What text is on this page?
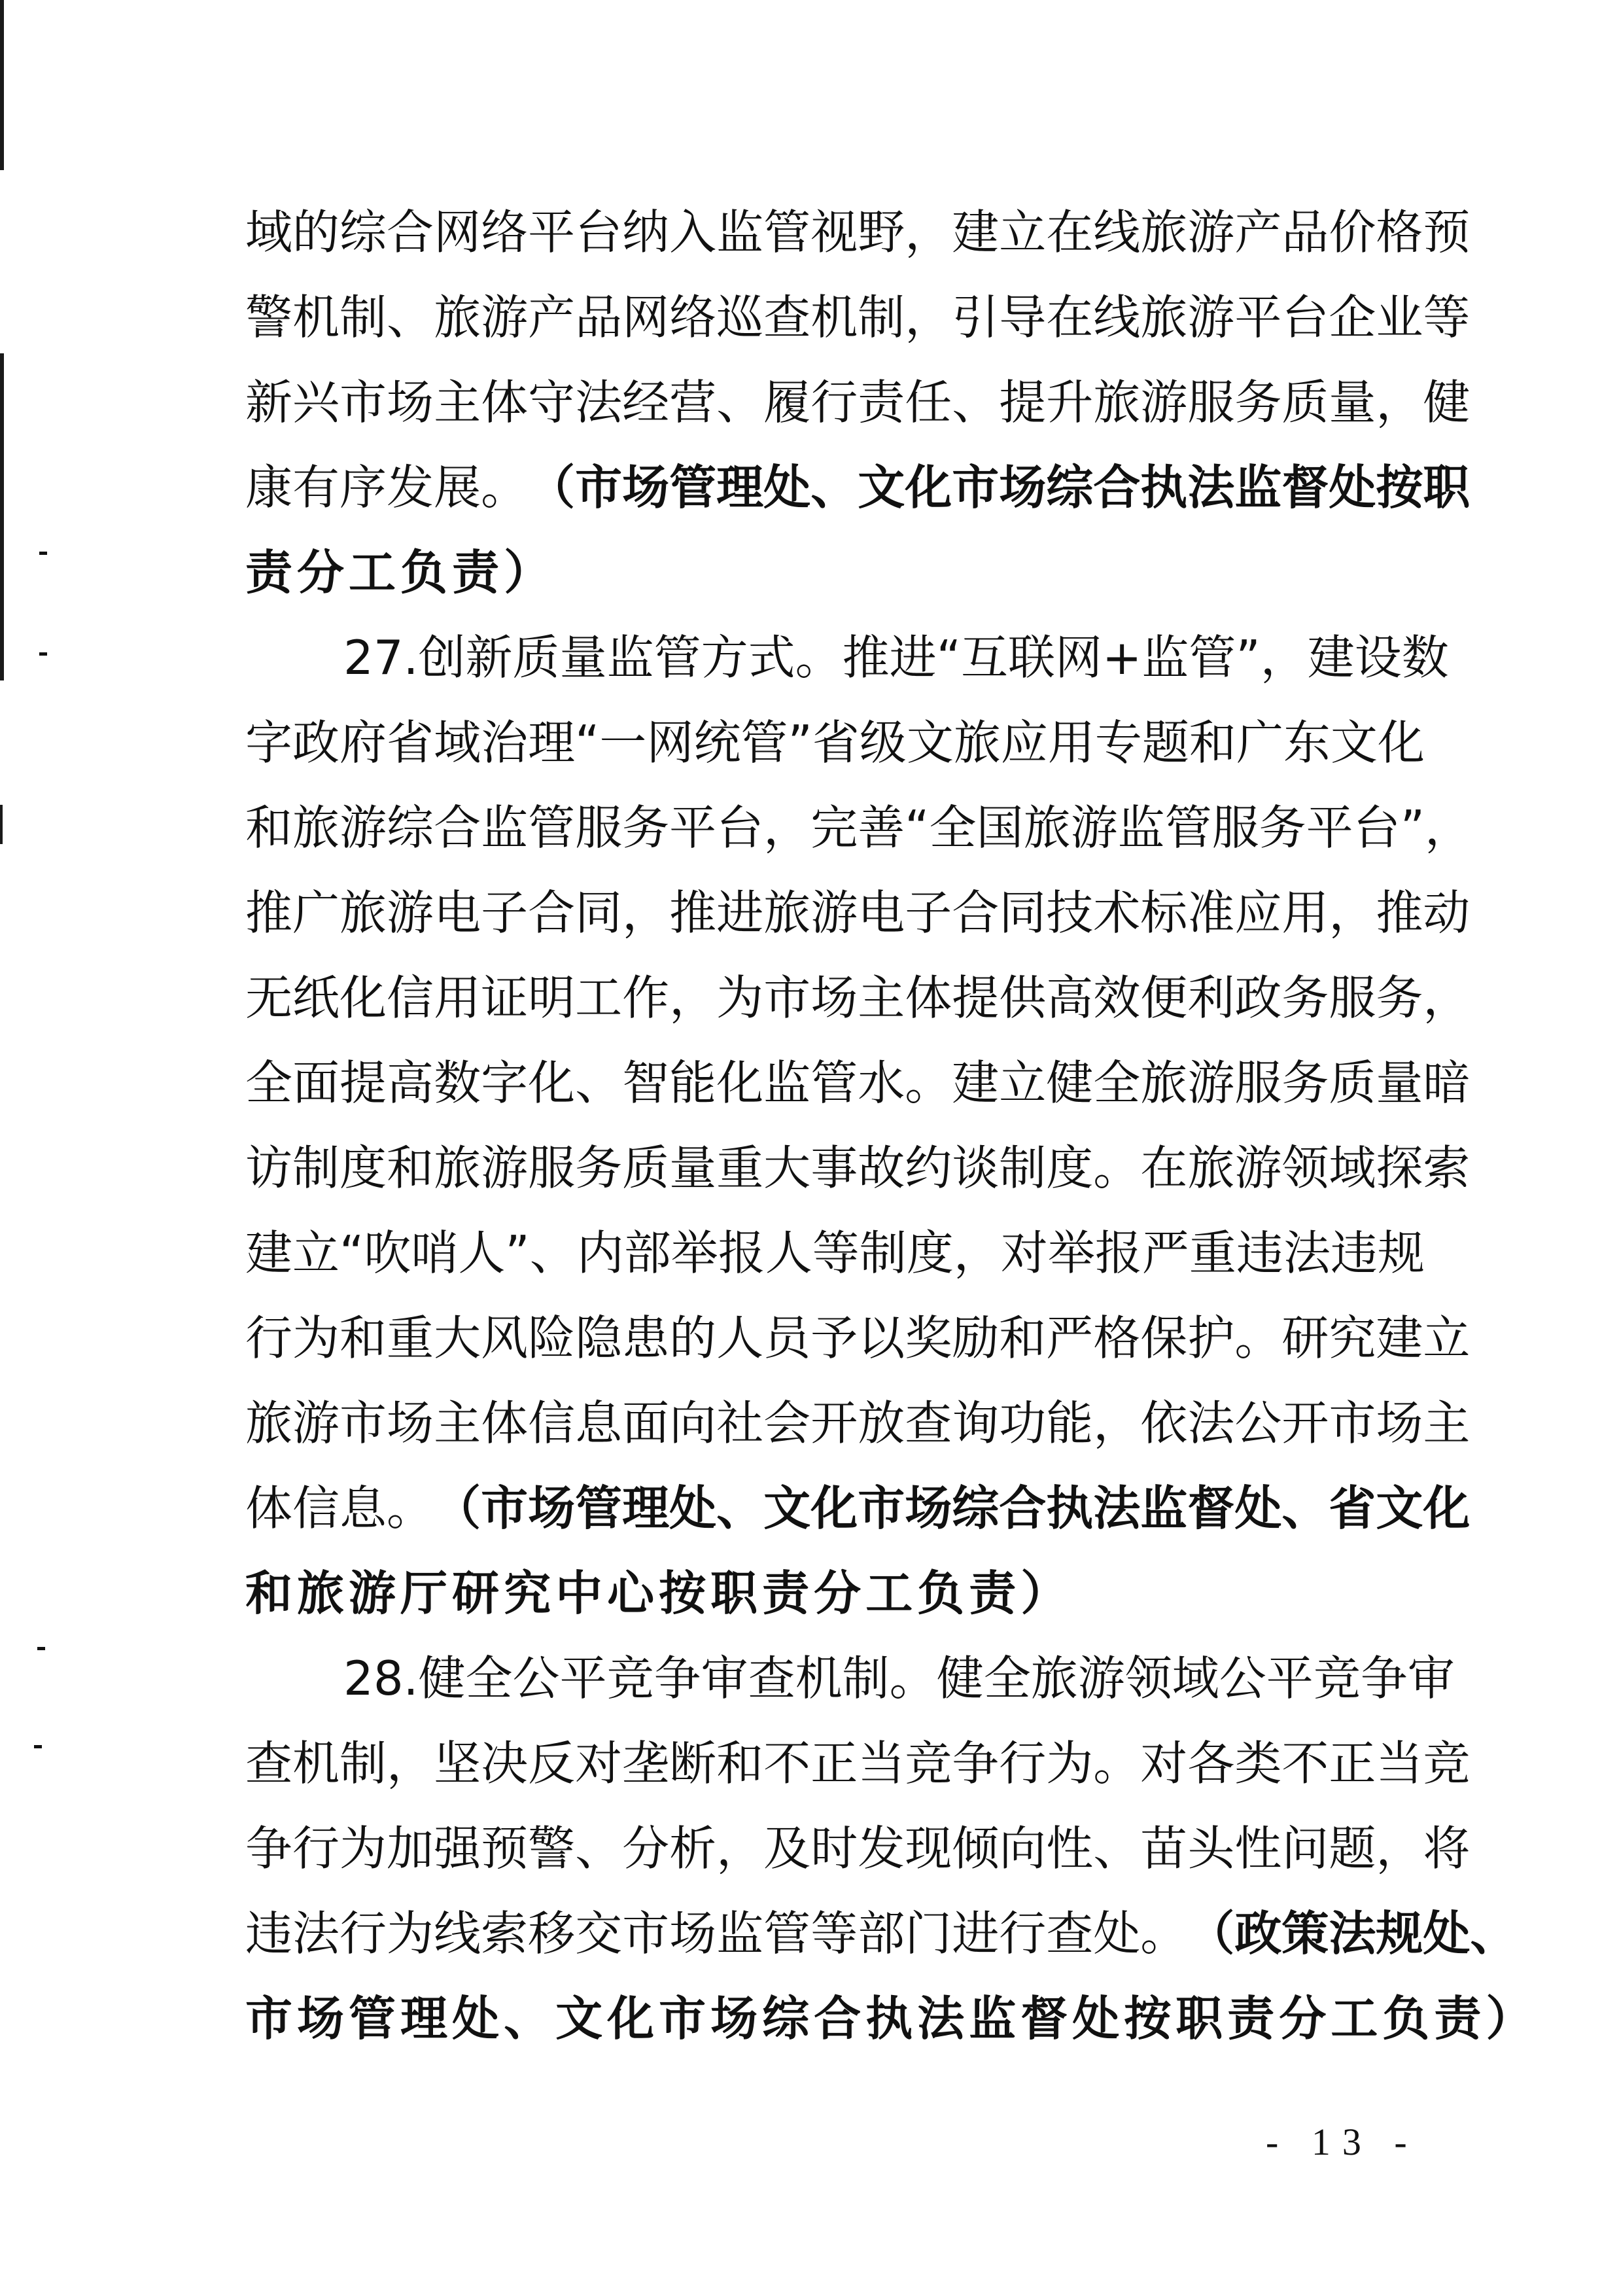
域 的 综 合 网 络 平 台 纳 入 监 管 视 野 ， 建 立 在 线 旅 游 产 品 价 格 预
警 机 制 、 旅 游 产 品 网 络 巡 查 机 制 ， 引 导 在 线 旅 游 平 台 企 业 等
新 兴 市 场 主 体 守 法 经 营 、 履 行 责 任 、 提 升 旅 游 服 务 质 量 ， 健
康 有 序 发 展 。 （ 市 场 管 理 处 、 文 化 市 场 综 合 执 法 监 督 处 按 职
责 分 工 负 责 ）
2 7 . 创 新 质 量 监 管 方 式 。 推 进 “ 互 联 网 + 监 管 ” ， 建 设 数
字 政 府 省 域 治 理 “ 一 网 统 管 ” 省 级 文 旅 应 用 专 题 和 广 东 文 化
和 旅 游 综 合 监 管 服 务 平 台 ， 完 善 “ 全 国 旅 游 监 管 服 务 平 台 ” ，
推 广 旅 游 电 子 合 同 ， 推 进 旅 游 电 子 合 同 技 术 标 准 应 用 ， 推 动
无 纸 化 信 用 证 明 工 作 ， 为 市 场 主 体 提 供 高 效 便 利 政 务 服 务 ，
全 面 提 高 数 字 化 、 智 能 化 监 管 水 。 建 立 健 全 旅 游 服 务 质 量 暗
访 制 度 和 旅 游 服 务 质 量 重 大 事 故 约 谈 制 度 。 在 旅 游 领 域 探 索
建 立 “ 吹 哨 人 ” 、 内 部 举 报 人 等 制 度 ， 对 举 报 严 重 违 法 违 规
行 为 和 重 大 风 险 隐 患 的 人 员 予 以 奖 励 和 严 格 保 护 。 研 究 建 立
旅 游 市 场 主 体 信 息 面 向 社 会 开 放 查 询 功 能 ， 依 法 公 开 市 场 主
体 信 息 。 （ 市 场 管 理 处 、 文 化 市 场 综 合 执 法 监 督 处 、 省 文 化
和 旅 游 厅 研 究 中 心 按 职 责 分 工 负 责 ）
2 8 . 健 全 公 平 竞 争 审 查 机 制 。 健 全 旅 游 领 域 公 平 竞 争 审
查 机 制 ， 坚 决 反 对 垄 断 和 不 正 当 竞 争 行 为 。 对 各 类 不 正 当 竞
争 行 为 加 强 预 警 、 分 析 ， 及 时 发 现 倾 向 性 、 苗 头 性 问 题 ， 将
违 法 行 为 线 索 移 交 市 场 监 管 等 部 门 进 行 查 处 。 （ 政 策 法 规 处 、
市 场 管 理 处 、 文 化 市 场 综 合 执 法 监 督 处 按 职 责 分 工 负 责 ）
- 13 -
